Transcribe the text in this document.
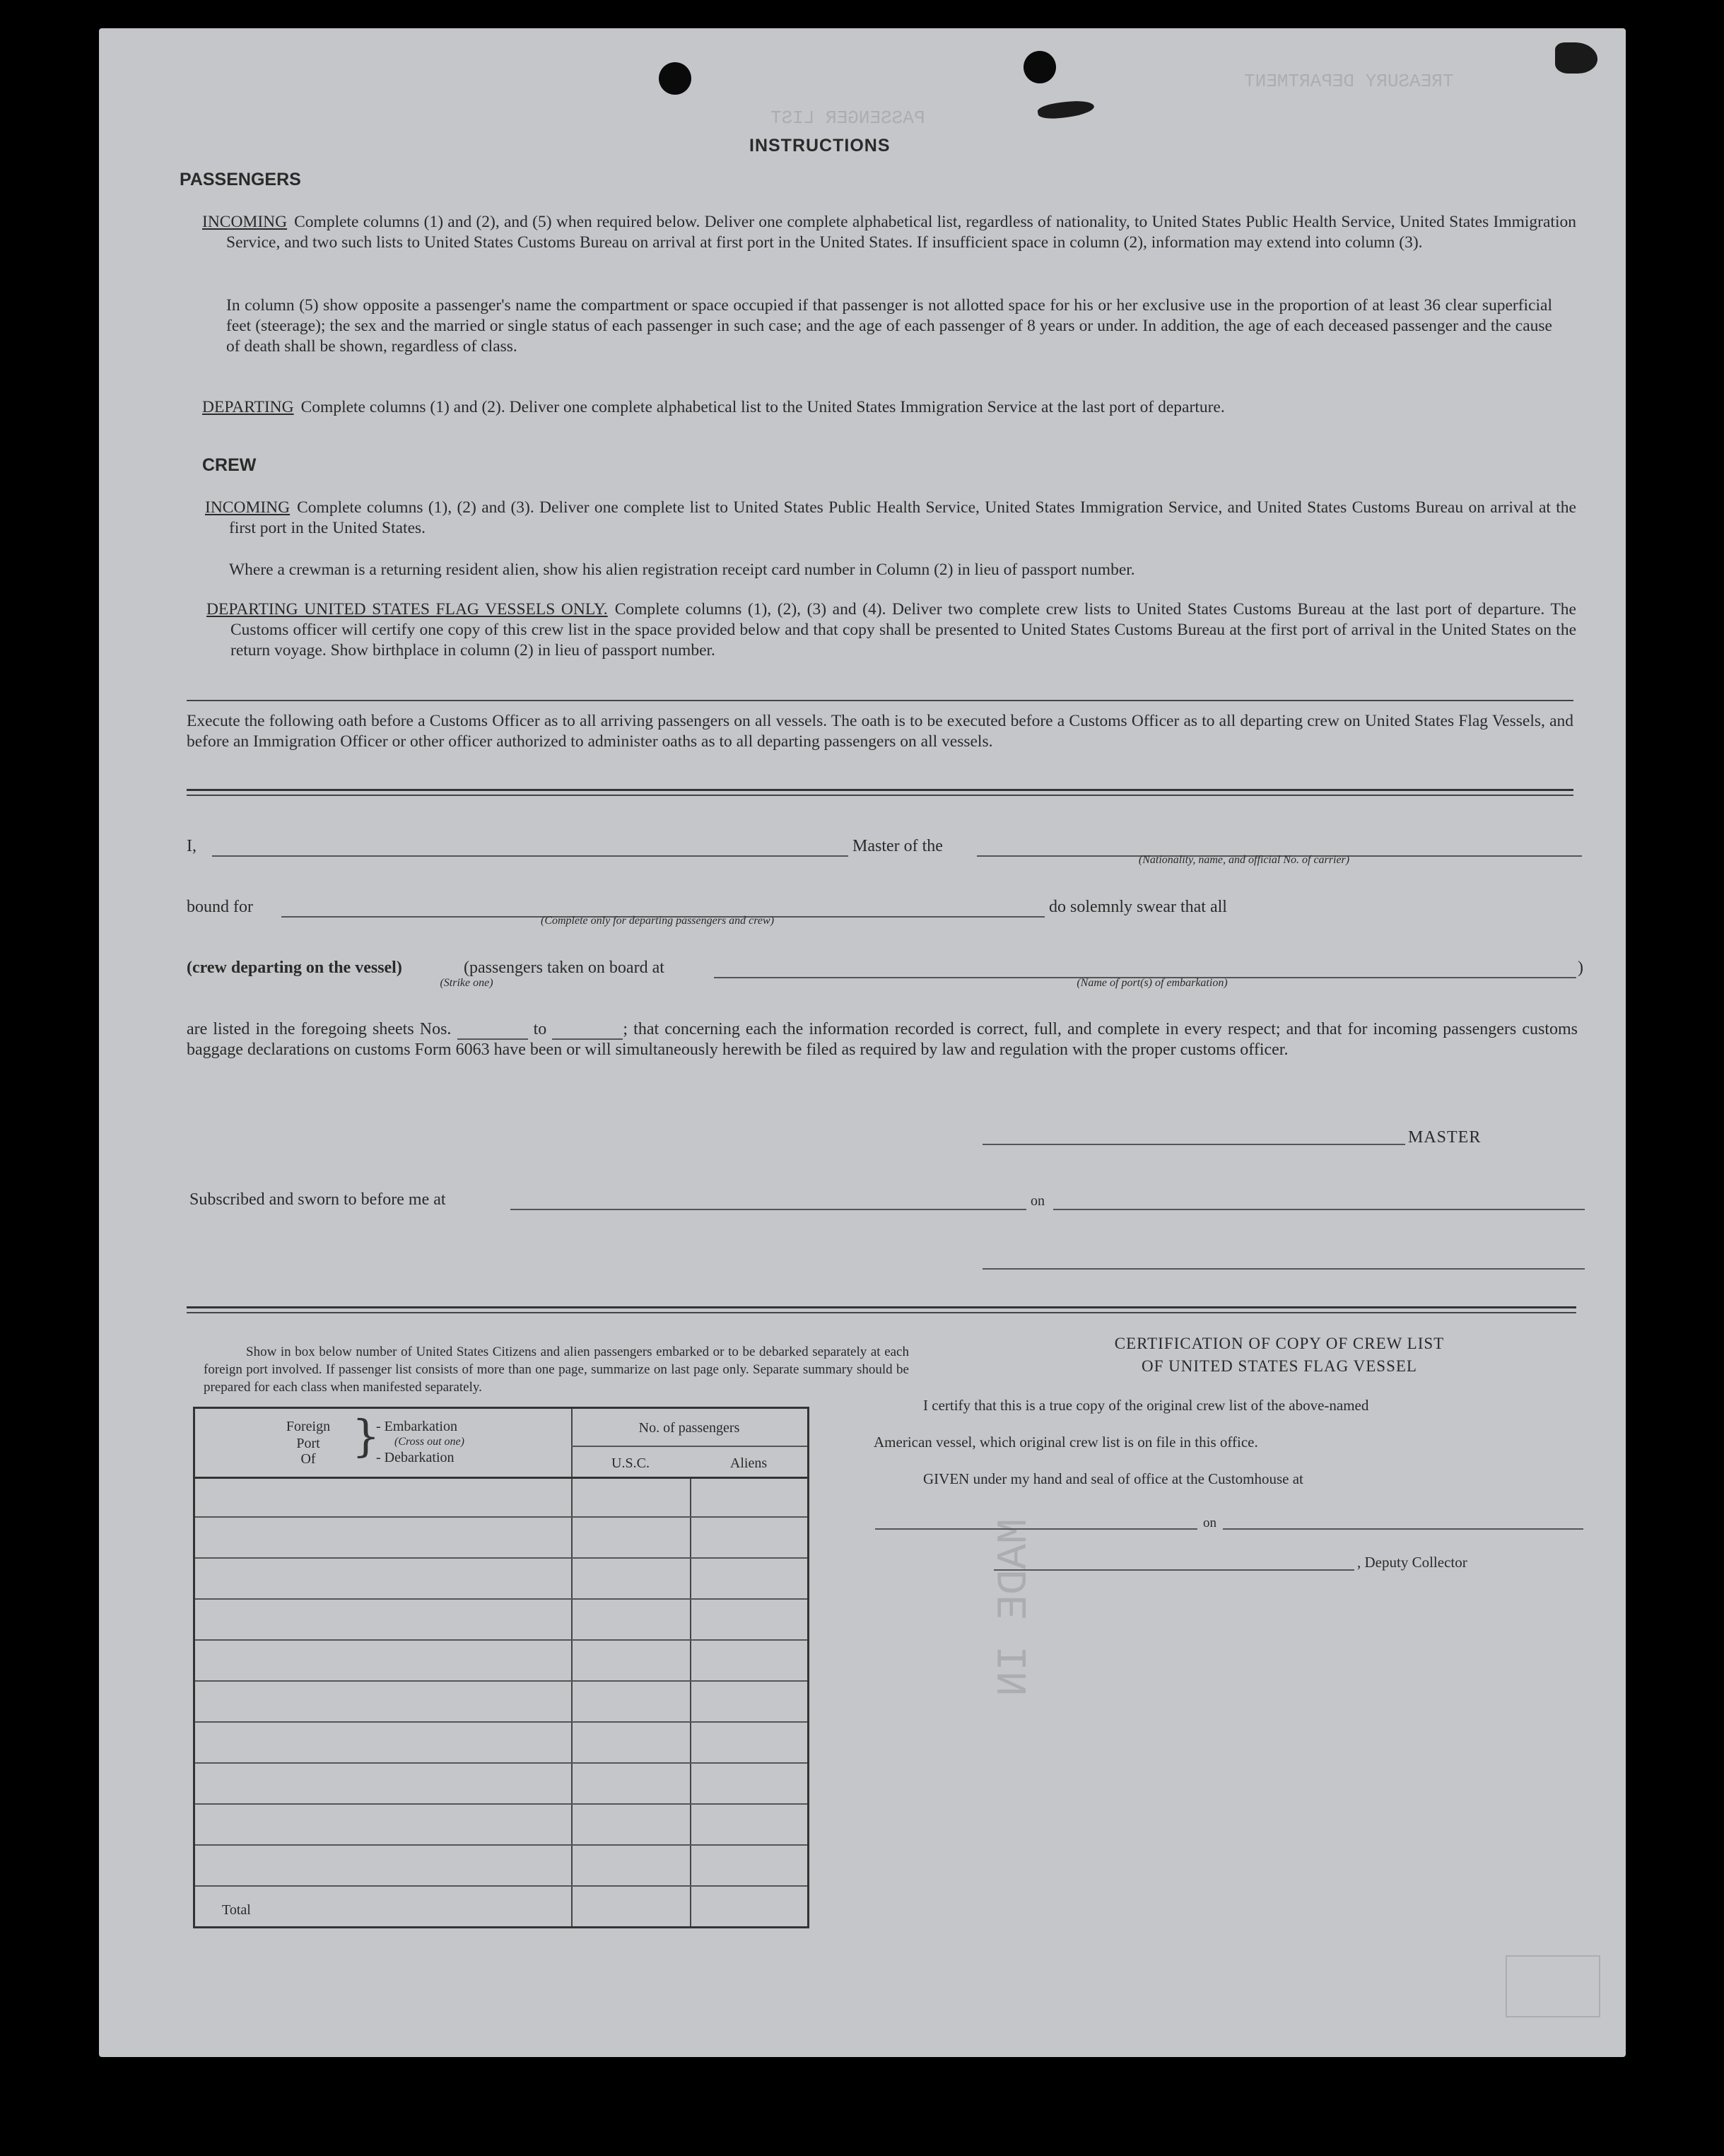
TREASURY DEPARTMENT
PASSENGER LIST
MADE IN
INSTRUCTIONS
PASSENGERS
INCOMING Complete columns (1) and (2), and (5) when required below. Deliver one complete alphabetical list, regardless of nationality, to United States Public Health Service, United States Immigration Service, and two such lists to United States Customs Bureau on arrival at first port in the United States. If insufficient space in column (2), information may extend into column (3).
In column (5) show opposite a passenger's name the compartment or space occupied if that passenger is not allotted space for his or her exclusive use in the proportion of at least 36 clear superficial feet (steerage); the sex and the married or single status of each passenger in such case; and the age of each passenger of 8 years or under. In addition, the age of each deceased passenger and the cause of death shall be shown, regardless of class.
DEPARTING Complete columns (1) and (2). Deliver one complete alphabetical list to the United States Immigration Service at the last port of departure.
CREW
INCOMING Complete columns (1), (2) and (3). Deliver one complete list to United States Public Health Service, United States Immigration Service, and United States Customs Bureau on arrival at the first port in the United States.
Where a crewman is a returning resident alien, show his alien registration receipt card number in Column (2) in lieu of passport number.
DEPARTING UNITED STATES FLAG VESSELS ONLY. Complete columns (1), (2), (3) and (4). Deliver two complete crew lists to United States Customs Bureau at the last port of departure. The Customs officer will certify one copy of this crew list in the space provided below and that copy shall be presented to United States Customs Bureau at the first port of arrival in the United States on the return voyage. Show birthplace in column (2) in lieu of passport number.
Execute the following oath before a Customs Officer as to all arriving passengers on all vessels. The oath is to be executed before a Customs Officer as to all departing crew on United States Flag Vessels, and before an Immigration Officer or other officer authorized to administer oaths as to all departing passengers on all vessels.
I,	Master of the
(Nationality, name, and official No. of carrier)
bound for
(Complete only for departing passengers and crew)
do solemnly swear that all
(crew departing on the vessel)	(passengers taken on board at	)
(Strike one)	(Name of port(s) of embarkation)
are listed in the foregoing sheets Nos.	to	; that concerning each the information recorded is correct, full, and complete in every respect; and that for incoming passengers customs baggage declarations on customs Form 6063 have been or will simultaneously herewith be filed as required by law and regulation with the proper customs officer.
MASTER
Subscribed and sworn to before me at	on
Show in box below number of United States Citizens and alien passengers embarked or to be debarked separately at each foreign port involved. If passenger list consists of more than one page, summarize on last page only. Separate summary should be prepared for each class when manifested separately.
Foreign
Port
Of }
- Embarkation
(Cross out one)
- Debarkation
No. of passengers
U.S.C.	Aliens
Total
CERTIFICATION OF COPY OF CREW LIST
OF UNITED STATES FLAG VESSEL
I certify that this is a true copy of the original crew list of the above-named
American vessel, which original crew list is on file in this office.
GIVEN under my hand and seal of office at the Customhouse at
on
, Deputy Collector
